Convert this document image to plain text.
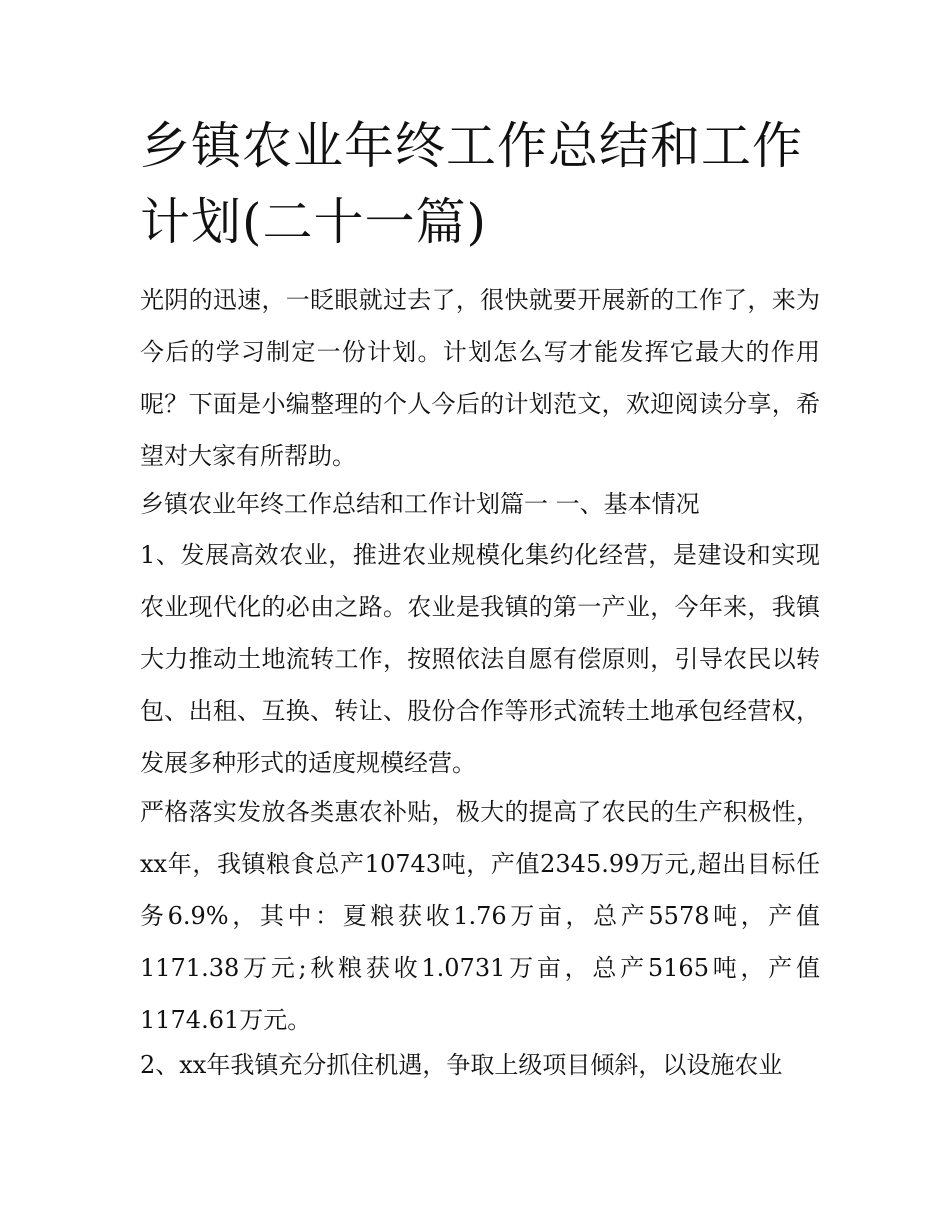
乡镇农业年终工作总结和工作计划(二十一篇)

光阴的迅速，一眨眼就过去了，很快就要开展新的工作了，来为今后的学习制定一份计划。计划怎么写才能发挥它最大的作用呢？下面是小编整理的个人今后的计划范文，欢迎阅读分享，希望对大家有所帮助。

乡镇农业年终工作总结和工作计划篇一 一、基本情况

1、发展高效农业，推进农业规模化集约化经营，是建设和实现农业现代化的必由之路。农业是我镇的第一产业，今年来，我镇大力推动土地流转工作，按照依法自愿有偿原则，引导农民以转包、出租、互换、转让、股份合作等形式流转土地承包经营权，发展多种形式的适度规模经营。

严格落实发放各类惠农补贴，极大的提高了农民的生产积极性，xx年，我镇粮食总产10743吨，产值2345.99万元,超出目标任务6.9%，其中：夏粮获收1.76万亩，总产5578吨，产值1171.38万元;秋粮获收1.0731万亩，总产5165吨，产值1174.61万元。

2、xx年我镇充分抓住机遇，争取上级项目倾斜，以设施农业
